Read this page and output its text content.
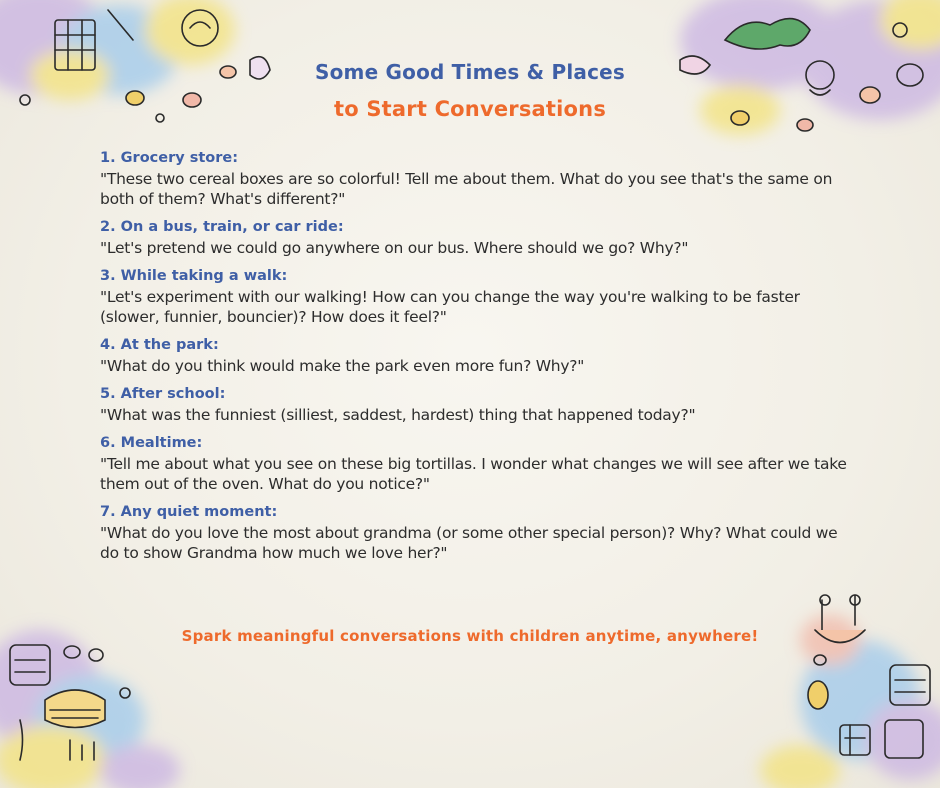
Some Good Times & Places
to Start Conversations
1. Grocery store:
"These two cereal boxes are so colorful! Tell me about them. What do you see that's the same on both of them? What's different?"
2. On a bus, train, or car ride:
"Let's pretend we could go anywhere on our bus. Where should we go? Why?"
3. While taking a walk:
"Let's experiment with our walking! How can you change the way you're walking to be faster (slower, funnier, bouncier)? How does it feel?"
4. At the park:
"What do you think would make the park even more fun? Why?"
5. After school:
"What was the funniest (silliest, saddest, hardest) thing that happened today?"
6. Mealtime:
"Tell me about what you see on these big tortillas. I wonder what changes we will see after we take them out of the oven. What do you notice?"
7. Any quiet moment:
"What do you love the most about grandma (or some other special person)? Why? What could we do to show Grandma how much we love her?"
Spark meaningful conversations with children anytime, anywhere!
